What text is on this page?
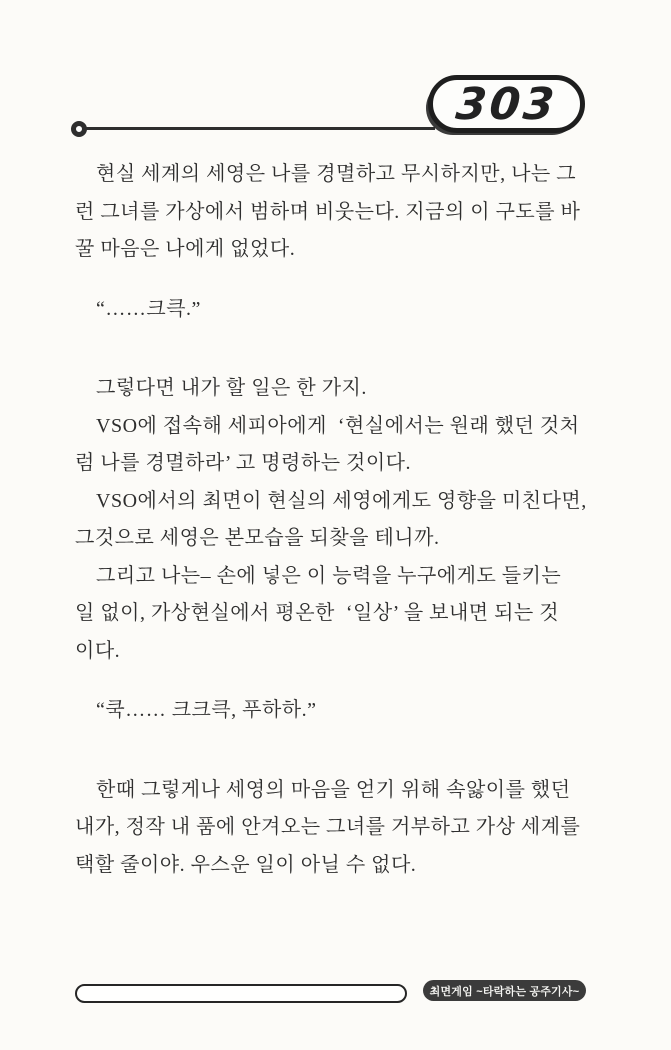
303
현실 세계의 세영은 나를 경멸하고 무시하지만, 나는 그
런 그녀를 가상에서 범하며 비웃는다. 지금의 이 구도를 바
꿀 마음은 나에게 없었다.
“……크큭.”
그렇다면 내가 할 일은 한 가지.
VSO에 접속해 세피아에게  ‘현실에서는 원래 했던 것처
럼 나를 경멸하라’ 고 명령하는 것이다.
VSO에서의 최면이 현실의 세영에게도 영향을 미친다면,
그것으로 세영은 본모습을 되찾을 테니까.
그리고 나는– 손에 넣은 이 능력을 누구에게도 들키는
일 없이, 가상현실에서 평온한  ‘일상’ 을 보내면 되는 것
이다.
“쿡…… 크크큭, 푸하하.”
한때 그렇게나 세영의 마음을 얻기 위해 속앓이를 했던
내가, 정작 내 품에 안겨오는 그녀를 거부하고 가상 세계를
택할 줄이야. 우스운 일이 아닐 수 없다.
최면게임 ~타락하는 공주기사~
